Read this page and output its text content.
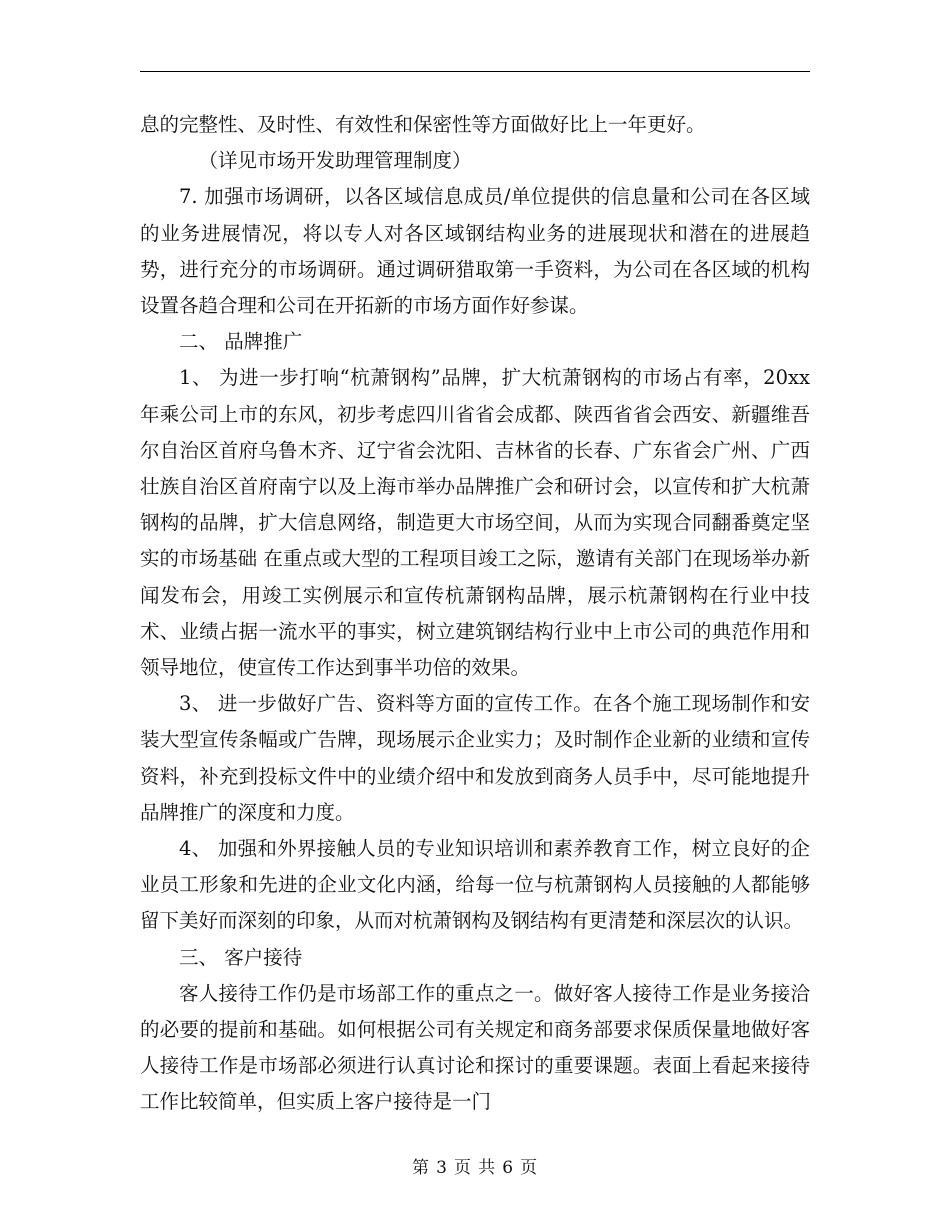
息的完整性、及时性、有效性和保密性等方面做好比上一年更好。

（详见市场开发助理管理制度）

7. 加强市场调研，以各区域信息成员/单位提供的信息量和公司在各区域的业务进展情况，将以专人对各区域钢结构业务的进展现状和潜在的进展趋势，进行充分的市场调研。通过调研猎取第一手资料，为公司在各区域的机构设置各趋合理和公司在开拓新的市场方面作好参谋。

二、 品牌推广

1、 为进一步打响“杭萧钢构”品牌，扩大杭萧钢构的市场占有率，20xx年乘公司上市的东风，初步考虑四川省省会成都、陕西省省会西安、新疆维吾尔自治区首府乌鲁木齐、辽宁省会沈阳、吉林省的长春、广东省会广州、广西壮族自治区首府南宁以及上海市举办品牌推广会和研讨会，以宣传和扩大杭萧钢构的品牌，扩大信息网络，制造更大市场空间，从而为实现合同翻番奠定坚实的市场基础 在重点或大型的工程项目竣工之际，邀请有关部门在现场举办新闻发布会，用竣工实例展示和宣传杭萧钢构品牌，展示杭萧钢构在行业中技术、业绩占据一流水平的事实，树立建筑钢结构行业中上市公司的典范作用和领导地位，使宣传工作达到事半功倍的效果。

3、 进一步做好广告、资料等方面的宣传工作。在各个施工现场制作和安装大型宣传条幅或广告牌，现场展示企业实力；及时制作企业新的业绩和宣传资料，补充到投标文件中的业绩介绍中和发放到商务人员手中，尽可能地提升品牌推广的深度和力度。

4、 加强和外界接触人员的专业知识培训和素养教育工作，树立良好的企业员工形象和先进的企业文化内涵，给每一位与杭萧钢构人员接触的人都能够留下美好而深刻的印象，从而对杭萧钢构及钢结构有更清楚和深层次的认识。

三、 客户接待

客人接待工作仍是市场部工作的重点之一。做好客人接待工作是业务接洽的必要的提前和基础。如何根据公司有关规定和商务部要求保质保量地做好客人接待工作是市场部必须进行认真讨论和探讨的重要课题。表面上看起来接待工作比较简单，但实质上客户接待是一门

第 3 页 共 6 页
